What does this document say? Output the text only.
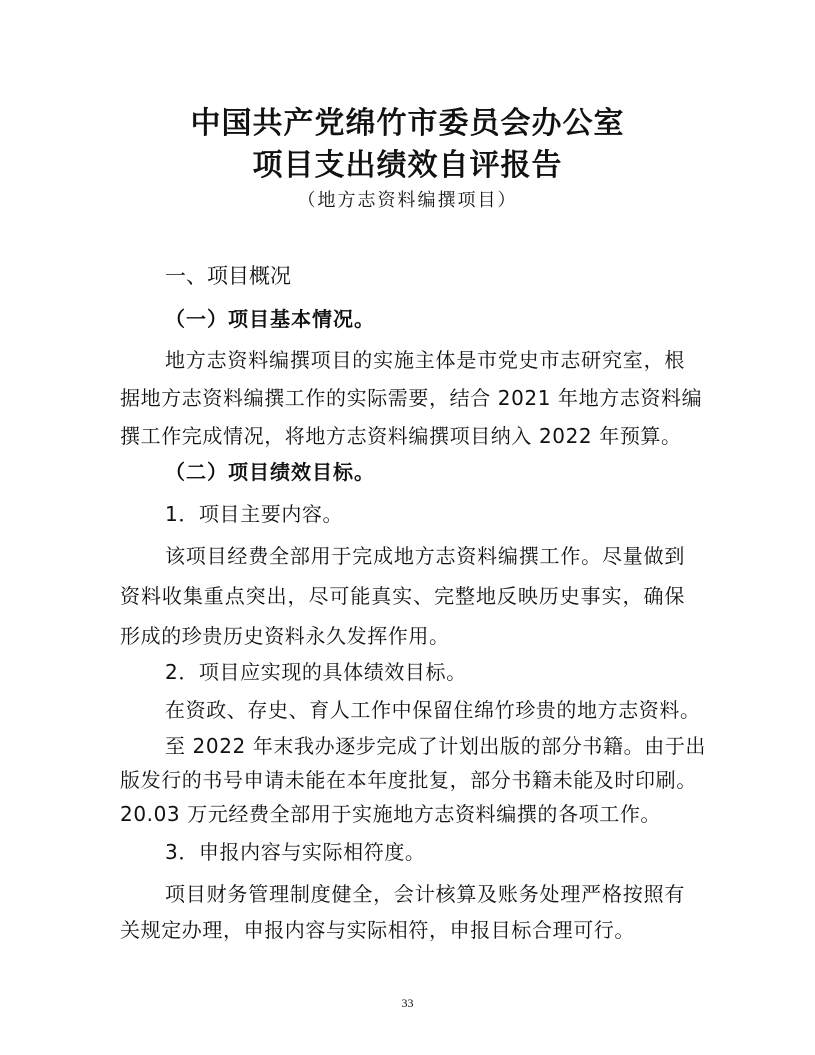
中国共产党绵竹市委员会办公室
项目支出绩效自评报告
（地方志资料编撰项目）
一、项目概况
（一）项目基本情况。
地方志资料编撰项目的实施主体是市党史市志研究室，根
据地方志资料编撰工作的实际需要，结合 2021 年地方志资料编
撰工作完成情况，将地方志资料编撰项目纳入 2022 年预算。
（二）项目绩效目标。
1．项目主要内容。
该项目经费全部用于完成地方志资料编撰工作。尽量做到
资料收集重点突出，尽可能真实、完整地反映历史事实，确保
形成的珍贵历史资料永久发挥作用。
2．项目应实现的具体绩效目标。
在资政、存史、育人工作中保留住绵竹珍贵的地方志资料。
至 2022 年末我办逐步完成了计划出版的部分书籍。由于出
版发行的书号申请未能在本年度批复，部分书籍未能及时印刷。
20.03 万元经费全部用于实施地方志资料编撰的各项工作。
3．申报内容与实际相符度。
项目财务管理制度健全，会计核算及账务处理严格按照有
关规定办理，申报内容与实际相符，申报目标合理可行。
33
